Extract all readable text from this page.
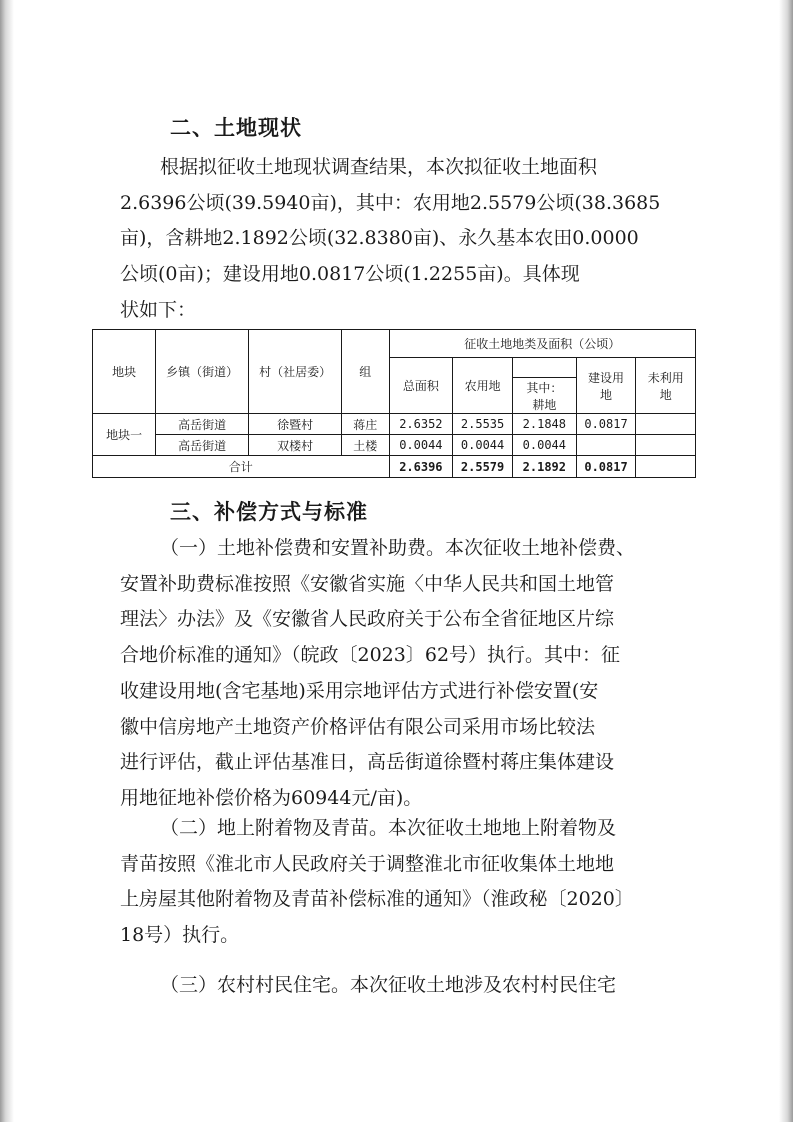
二、土地现状
根据拟征收土地现状调查结果，本次拟征收土地面积
2.6396公顷(39.5940亩)，其中：农用地2.5579公顷(38.3685
亩)，含耕地2.1892公顷(32.8380亩)、永久基本农田0.0000
公顷(0亩)；建设用地0.0817公顷(1.2255亩)。具体现
状如下：
地块	乡镇（街道）	村（社居委）	组	征收土地地类及面积（公顷）				
				总面积	农用地		建设用地	未利用地
						其中：耕地		
地块一	高岳街道	徐暨村	蒋庄	2.6352	2.5535	2.1848	0.0817	
	高岳街道	双楼村	土楼	0.0044	0.0044	0.0044		
合计				2.6396	2.5579	2.1892	0.0817	
三、补偿方式与标准
（一）土地补偿费和安置补助费。本次征收土地补偿费、
安置补助费标准按照《安徽省实施〈中华人民共和国土地管
理法〉办法》及《安徽省人民政府关于公布全省征地区片综
合地价标准的通知》（皖政〔2023〕62号）执行。其中：征
收建设用地(含宅基地)采用宗地评估方式进行补偿安置(安
徽中信房地产土地资产价格评估有限公司采用市场比较法
进行评估，截止评估基准日，高岳街道徐暨村蒋庄集体建设
用地征地补偿价格为60944元/亩)。
（二）地上附着物及青苗。本次征收土地地上附着物及
青苗按照《淮北市人民政府关于调整淮北市征收集体土地地
上房屋其他附着物及青苗补偿标准的通知》（淮政秘〔2020〕
18号）执行。
（三）农村村民住宅。本次征收土地涉及农村村民住宅
